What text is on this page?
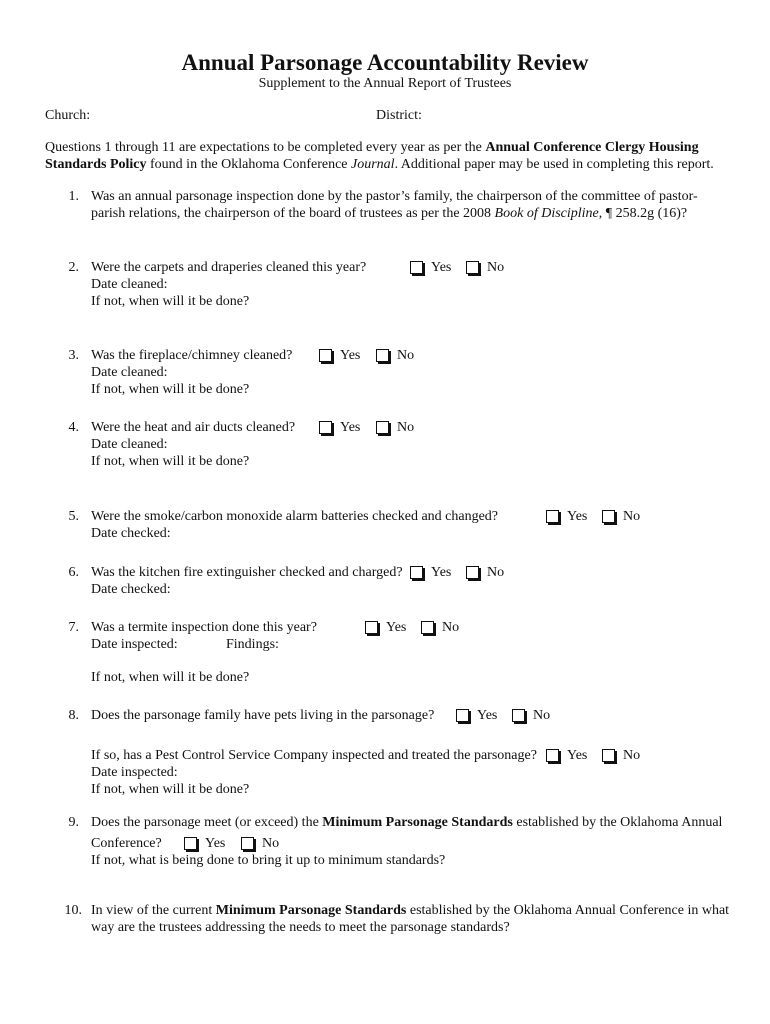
Annual Parsonage Accountability Review
Supplement to the Annual Report of Trustees
Church:	District:
Questions 1 through 11 are expectations to be completed every year as per the Annual Conference Clergy Housing Standards Policy found in the Oklahoma Conference Journal. Additional paper may be used in completing this report.
1. Was an annual parsonage inspection done by the pastor’s family, the chairperson of the committee of pastor-
parish relations, the chairperson of the board of trustees as per the 2008 Book of Discipline, ¶ 258.2g (16)?
2. Were the carpets and draperies cleaned this year?
Date cleaned:
If not, when will it be done?
Yes	No
3. Was the fireplace/chimney cleaned?
Date cleaned:
If not, when will it be done?
Yes	No
4. Were the heat and air ducts cleaned?
Date cleaned:
If not, when will it be done?
Yes	No
5. Were the smoke/carbon monoxide alarm batteries checked and changed?
Date checked:
Yes	No
6. Was the kitchen fire extinguisher checked and charged?
Date checked:
Yes	No
7. Was a termite inspection done this year?
Date inspected:	Findings:
If not, when will it be done?
Yes	No
8. Does the parsonage family have pets living in the parsonage?	Yes	No
If so, has a Pest Control Service Company inspected and treated the parsonage?
Date inspected:
If not, when will it be done?
Yes	No
9. Does the parsonage meet (or exceed) the Minimum Parsonage Standards established by the Oklahoma Annual
Conference?	Yes	No
If not, what is being done to bring it up to minimum standards?
10. In view of the current Minimum Parsonage Standards established by the Oklahoma Annual Conference in what
way are the trustees addressing the needs to meet the parsonage standards?
